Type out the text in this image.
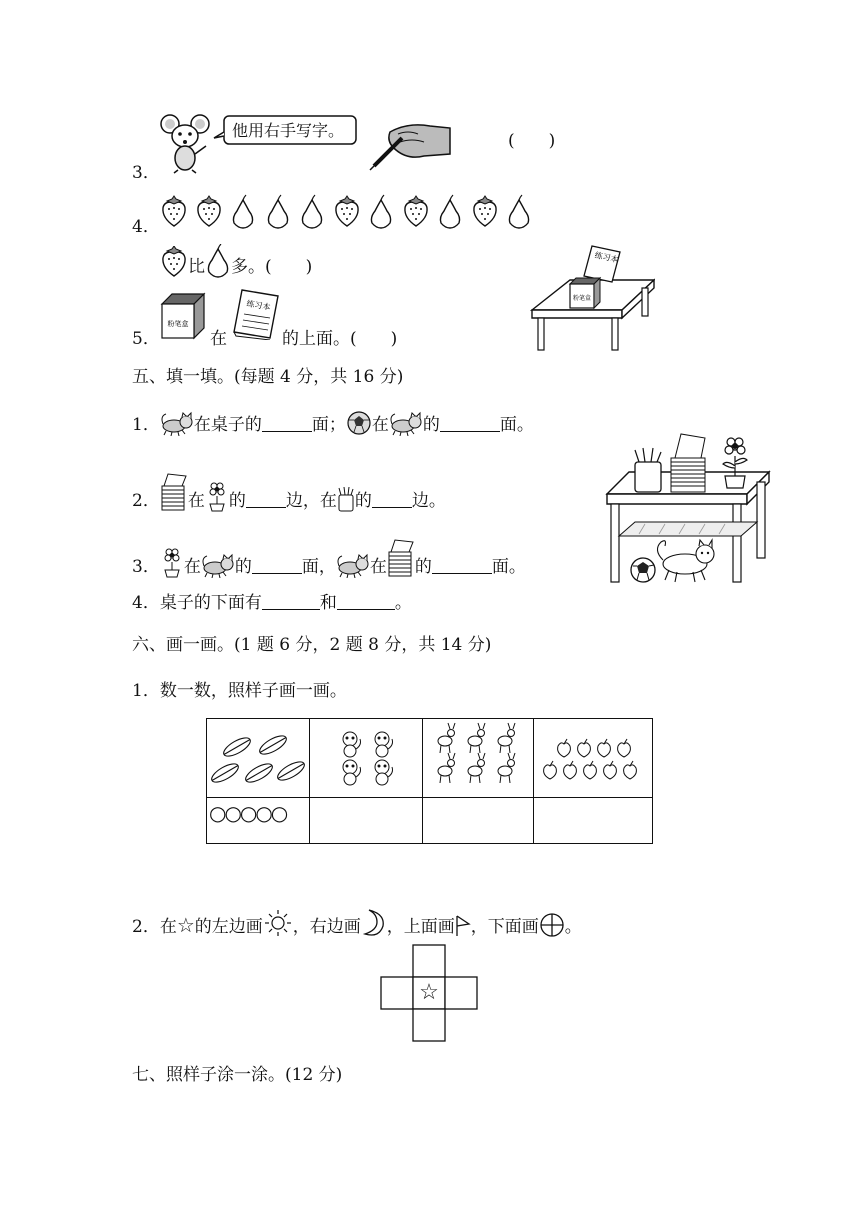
他用右手写字。
(　　)
3．
4．
比 多。(　　)
5．
粉笔盒
在
练习本
的上面。(　　)
练习本
粉笔盒
五、填一填。(每题 4 分，共 16 分)
1． 在桌子的	面； 在 的	面。
2． 在 的 边，在 的 边。
3． 在 的	面， 在 的	面。
4．桌子的下面有	和	。
六、画一画。(1 题 6 分，2 题 8 分，共 14 分)
1．数一数，照样子画一画。

○○○○○			
2．在☆的左边画 ，右边画 ，上面画 ，下面画 。
☆
七、照样子涂一涂。(12 分)
